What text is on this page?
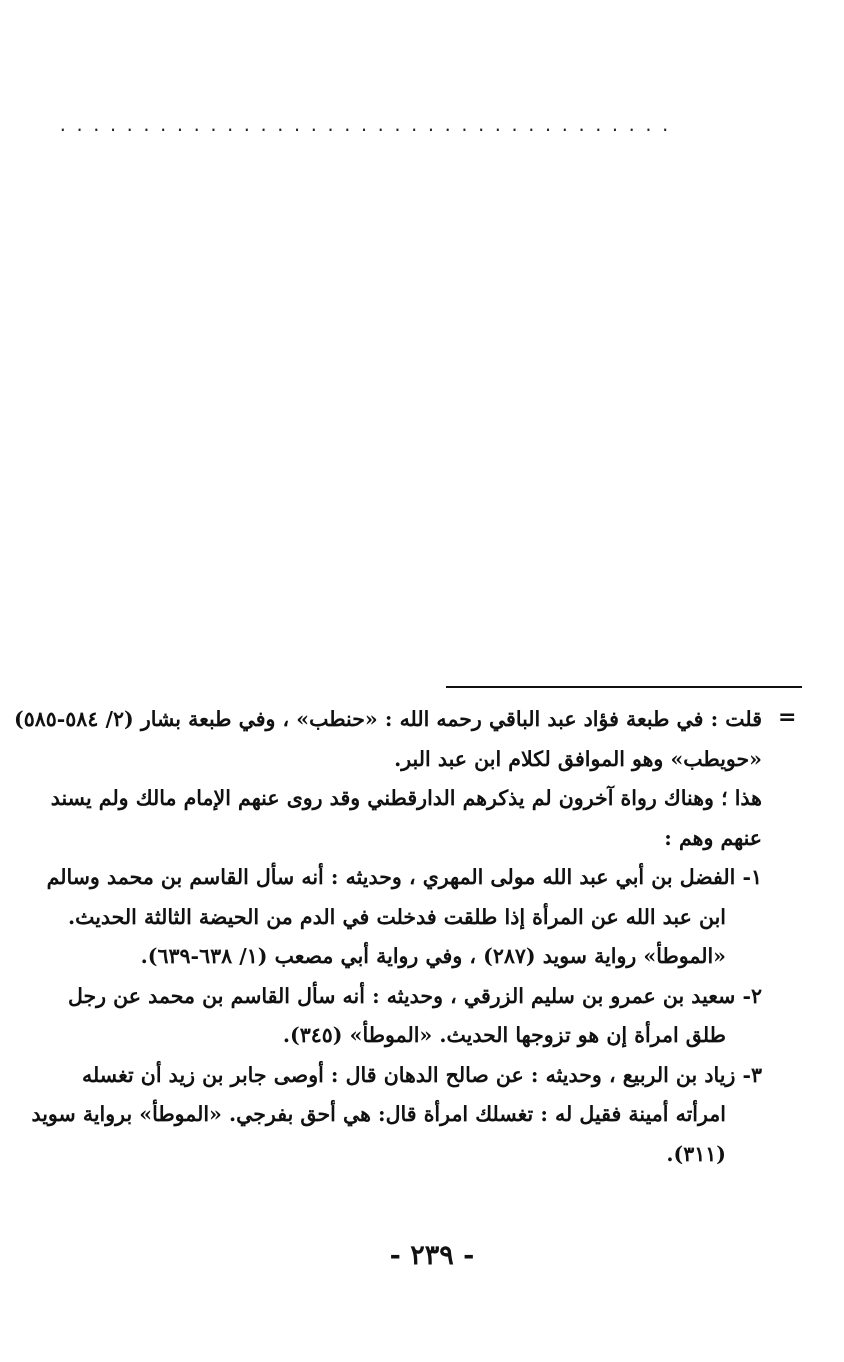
.....................................
=
قلت : في طبعة فؤاد عبد الباقي رحمه الله : «حنطب» ، وفي طبعة بشار (٢/ ٥٨٤-٥٨٥)
«حويطب» وهو الموافق لكلام ابن عبد البر.
هذا ؛ وهناك رواة آخرون لم يذكرهم الدارقطني وقد روى عنهم الإمام مالك ولم يسند
عنهم وهم :
١- الفضل بن أبي عبد الله مولى المهري ، وحديثه : أنه سأل القاسم بن محمد وسالم
ابن عبد الله عن المرأة إذا طلقت فدخلت في الدم من الحيضة الثالثة الحديث.
«الموطأ» رواية سويد (٢٨٧) ، وفي رواية أبي مصعب (١/ ٦٣٨-٦٣٩).
٢- سعيد بن عمرو بن سليم الزرقي ، وحديثه : أنه سأل القاسم بن محمد عن رجل
طلق امرأة إن هو تزوجها الحديث. «الموطأ» (٣٤٥).
٣- زياد بن الربيع ، وحديثه : عن صالح الدهان قال : أوصى جابر بن زيد أن تغسله
امرأته أمينة فقيل له : تغسلك امرأة قال: هي أحق بفرجي. «الموطأ» برواية سويد
(٣١١).
- ٢٣٩ -
